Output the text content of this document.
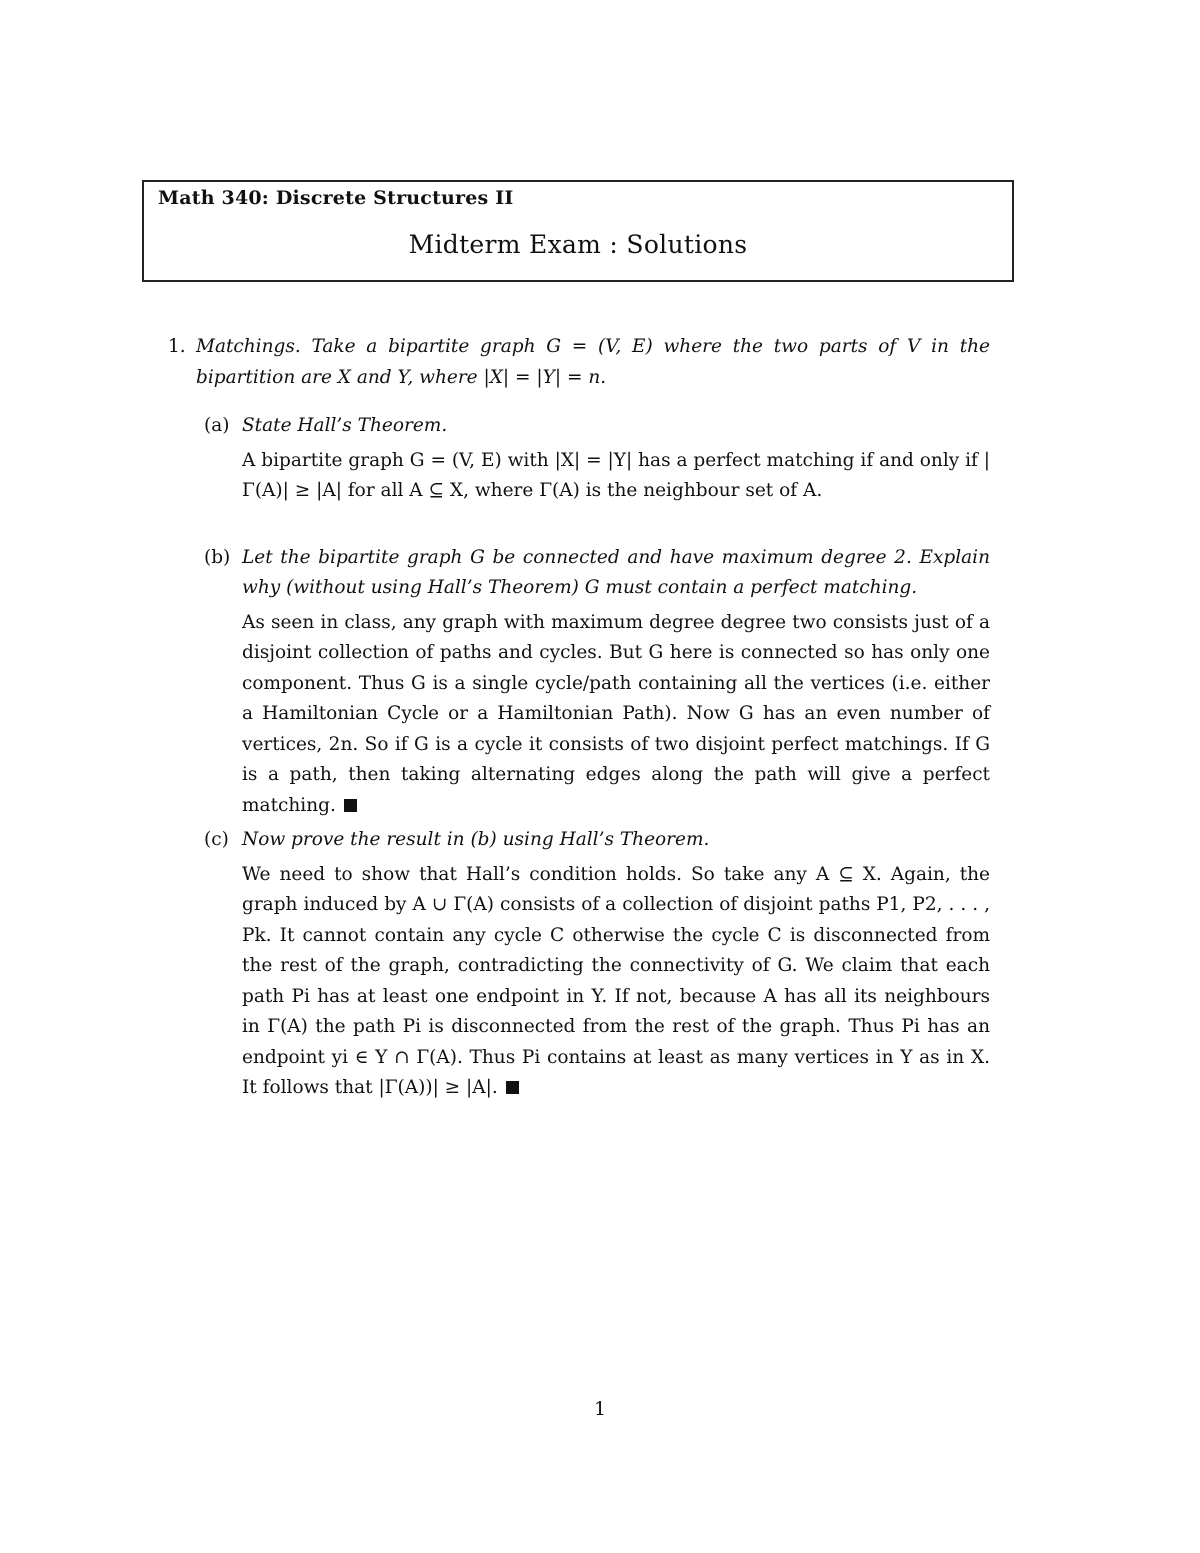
Math 340: Discrete Structures II
Midterm Exam : Solutions
1. Matchings. Take a bipartite graph G = (V, E) where the two parts of V in the bipartition are X and Y, where |X| = |Y| = n.
(a) State Hall’s Theorem.
A bipartite graph G = (V, E) with |X| = |Y| has a perfect matching if and only if |Γ(A)| ≥ |A| for all A ⊆ X, where Γ(A) is the neighbour set of A.
(b) Let the bipartite graph G be connected and have maximum degree 2. Explain why (without using Hall’s Theorem) G must contain a perfect matching.
As seen in class, any graph with maximum degree degree two consists just of a disjoint collection of paths and cycles. But G here is connected so has only one component. Thus G is a single cycle/path containing all the vertices (i.e. either a Hamiltonian Cycle or a Hamiltonian Path). Now G has an even number of vertices, 2n. So if G is a cycle it consists of two disjoint perfect matchings. If G is a path, then taking alternating edges along the path will give a perfect matching.
(c) Now prove the result in (b) using Hall’s Theorem.
We need to show that Hall’s condition holds. So take any A ⊆ X. Again, the graph induced by A ∪ Γ(A) consists of a collection of disjoint paths P1, P2, . . . , Pk. It cannot contain any cycle C otherwise the cycle C is disconnected from the rest of the graph, contradicting the connectivity of G. We claim that each path Pi has at least one endpoint in Y. If not, because A has all its neighbours in Γ(A) the path Pi is disconnected from the rest of the graph. Thus Pi has an endpoint yi ∈ Y ∩ Γ(A). Thus Pi contains at least as many vertices in Y as in X. It follows that |Γ(A))| ≥ |A|.
1
